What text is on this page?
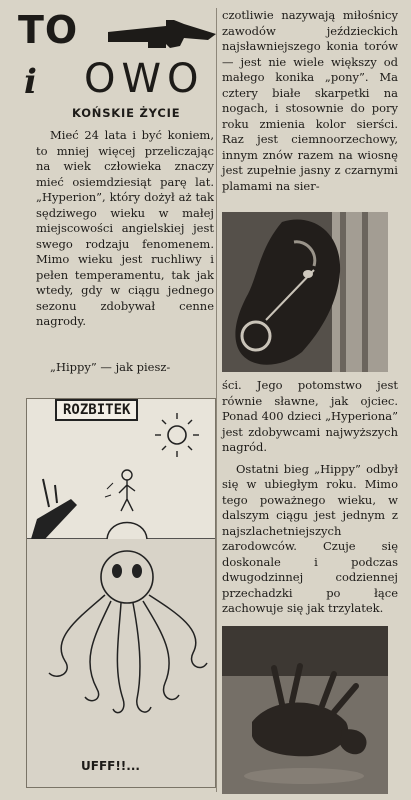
TO
i OWO
KOŃSKIE ŻYCIE

Mieć 24 lata i być koniem, to mniej więcej przeliczając na wiek człowieka znaczy mieć osiemdziesiąt parę lat. „Hyperion”, który dożył aż tak sędziwego wieku w małej miejscowości angielskiej jest swego rodzaju fenomenem. Mimo wieku jest ruchliwy i pełen temperamentu, tak jak wtedy, gdy w ciągu jednego sezonu zdobywał cenne nagrody.

„Hippy” — jak piesz-

czotliwie nazywają miłośnicy zawodów jeździeckich najsławniejszego konia torów — jest nie wiele większy od małego konika „pony”. Ma cztery białe skarpetki na nogach, i stosownie do pory roku zmienia kolor sierści. Raz jest ciemnoorzechowy, innym znów razem na wiosnę jest zupełnie jasny z czarnymi plamami na sier-

ści. Jego potomstwo jest równie sławne, jak ojciec. Ponad 400 dzieci „Hyperiona” jest zdobywcami najwyższych nagród.

Ostatni bieg „Hippy” odbył się w ubiegłym roku. Mimo tego poważnego wieku, w dalszym ciągu jest jednym z najszlachetniejszych zarodowców. Czuje się doskonale i podczas dwugodzinnej codziennej przechadzki po łące zachowuje się jak trzylatek.

ROZBITEK
UFFF!!...
